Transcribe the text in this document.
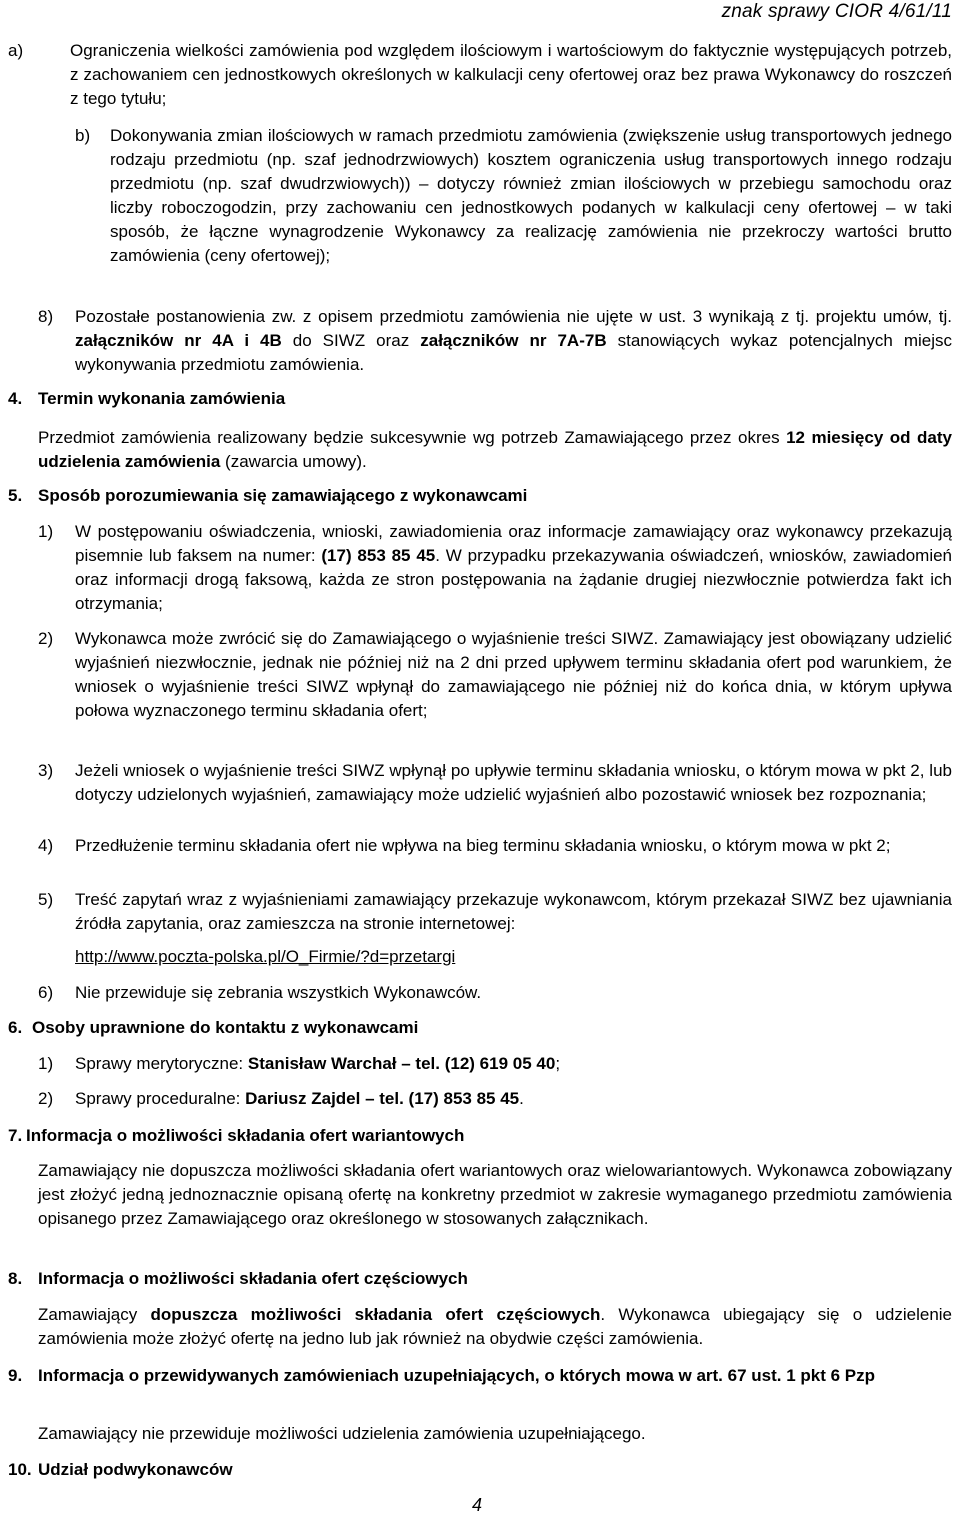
znak sprawy CIOR 4/61/11
a)	Ograniczenia wielkości zamówienia pod względem ilościowym i wartościowym do faktycznie występujących potrzeb, z zachowaniem cen jednostkowych określonych w kalkulacji ceny ofertowej oraz bez prawa Wykonawcy do roszczeń z tego tytułu;
b) Dokonywania zmian ilościowych w ramach przedmiotu zamówienia (zwiększenie usług transportowych jednego rodzaju przedmiotu (np. szaf jednodrzwiowych) kosztem ograniczenia usług transportowych innego rodzaju przedmiotu (np. szaf dwudrzwiowych)) – dotyczy również zmian ilościowych w przebiegu samochodu oraz liczby roboczogodzin, przy zachowaniu cen jednostkowych podanych w kalkulacji ceny ofertowej – w taki sposób, że łączne wynagrodzenie Wykonawcy za realizację zamówienia nie przekroczy wartości brutto zamówienia (ceny ofertowej);
8) Pozostałe postanowienia zw. z opisem przedmiotu zamówienia nie ujęte w ust. 3 wynikają z tj. projektu umów, tj. załączników nr 4A i 4B do SIWZ oraz załączników nr 7A-7B stanowiących wykaz potencjalnych miejsc wykonywania przedmiotu zamówienia.
4. Termin wykonania zamówienia
Przedmiot zamówienia realizowany będzie sukcesywnie wg potrzeb Zamawiającego przez okres 12 miesięcy od daty udzielenia zamówienia (zawarcia umowy).
5. Sposób porozumiewania się zamawiającego z wykonawcami
1) W postępowaniu oświadczenia, wnioski, zawiadomienia oraz informacje zamawiający oraz wykonawcy przekazują pisemnie lub faksem na numer: (17) 853 85 45. W przypadku przekazywania oświadczeń, wniosków, zawiadomień oraz informacji drogą faksową, każda ze stron postępowania na żądanie drugiej niezwłocznie potwierdza fakt ich otrzymania;
2) Wykonawca może zwrócić się do Zamawiającego o wyjaśnienie treści SIWZ. Zamawiający jest obowiązany udzielić wyjaśnień niezwłocznie, jednak nie później niż na 2 dni przed upływem terminu składania ofert pod warunkiem, że wniosek o wyjaśnienie treści SIWZ wpłynął do zamawiającego nie później niż do końca dnia, w którym upływa połowa wyznaczonego terminu składania ofert;
3) Jeżeli wniosek o wyjaśnienie treści SIWZ wpłynął po upływie terminu składania wniosku, o którym mowa w pkt 2, lub dotyczy udzielonych wyjaśnień, zamawiający może udzielić wyjaśnień albo pozostawić wniosek bez rozpoznania;
4) Przedłużenie terminu składania ofert nie wpływa na bieg terminu składania wniosku, o którym mowa w pkt 2;
5) Treść zapytań wraz z wyjaśnieniami zamawiający przekazuje wykonawcom, którym przekazał SIWZ bez ujawniania źródła zapytania, oraz zamieszcza na stronie internetowej:
http://www.poczta-polska.pl/O_Firmie/?d=przetargi
6) Nie przewiduje się zebrania wszystkich Wykonawców.
6. Osoby uprawnione do kontaktu z wykonawcami
1) Sprawy merytoryczne: Stanisław Warchał – tel. (12) 619 05 40;
2) Sprawy proceduralne: Dariusz Zajdel – tel. (17) 853 85 45.
7. Informacja o możliwości składania ofert wariantowych
Zamawiający nie dopuszcza możliwości składania ofert wariantowych oraz wielowariantowych. Wykonawca zobowiązany jest złożyć jedną jednoznacznie opisaną ofertę na konkretny przedmiot w zakresie wymaganego przedmiotu zamówienia opisanego przez Zamawiającego oraz określonego w stosowanych załącznikach.
8. Informacja o możliwości składania ofert częściowych
Zamawiający dopuszcza możliwości składania ofert częściowych. Wykonawca ubiegający się o udzielenie zamówienia może złożyć ofertę na jedno lub jak również na obydwie części zamówienia.
9. Informacja o przewidywanych zamówieniach uzupełniających, o których mowa w art. 67 ust. 1 pkt 6 Pzp
Zamawiający nie przewiduje możliwości udzielenia zamówienia uzupełniającego.
10. Udział podwykonawców
4
